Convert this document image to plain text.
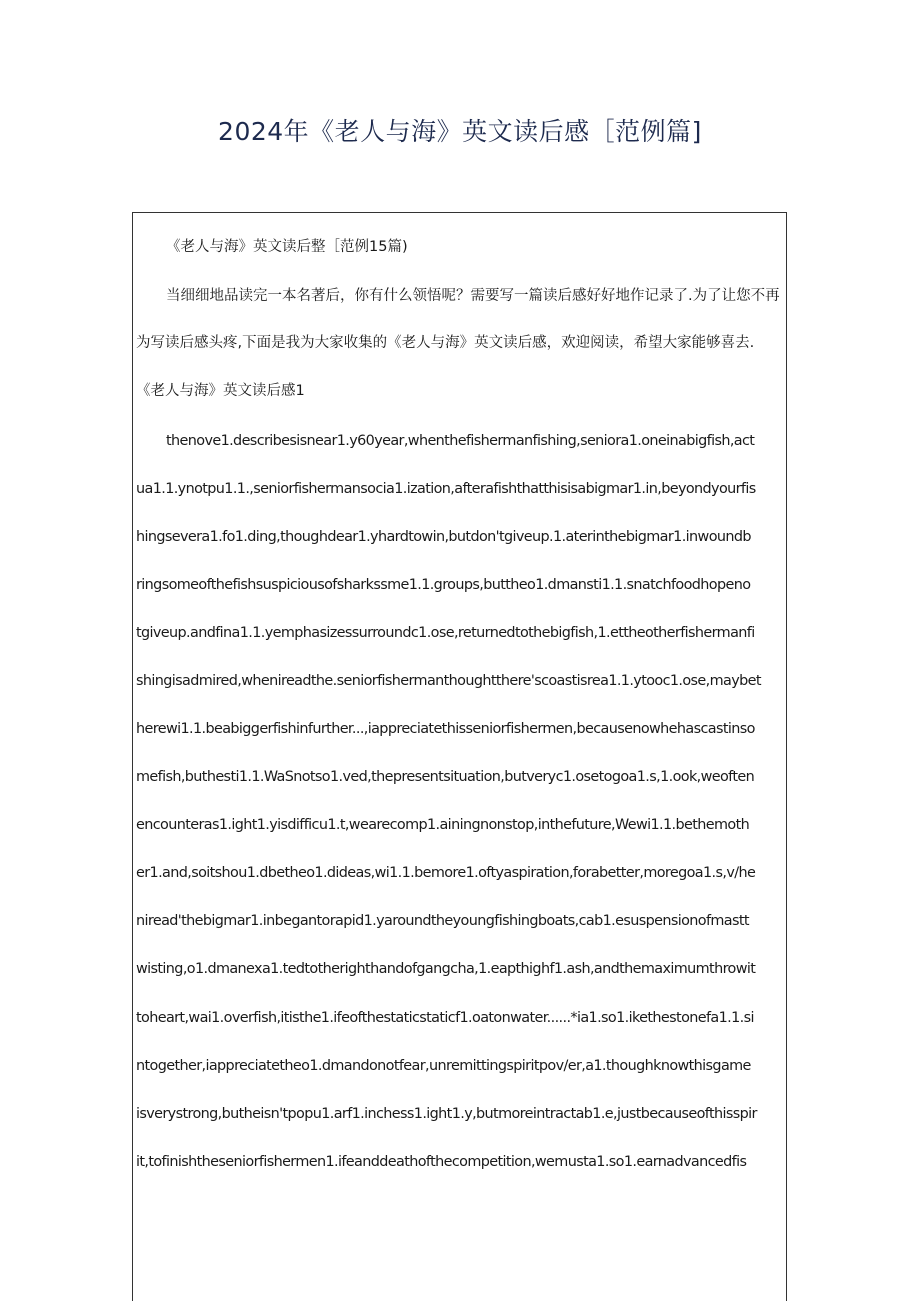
2024年《老人与海》英文读后感［范例篇]
《老人与海》英文读后整［范例15篇)
当细细地品读完一本名著后，你有什么领悟呢？需要写一篇读后感好好地作记录了.为了让您不再
为写读后感头疼,下面是我为大家收集的《老人与海》英文读后感，欢迎阅读，希望大家能够喜去.
《老人与海》英文读后感1
thenove1.describesisnear1.y60year,whenthefishermanfishing,seniora1.oneinabigfish,act
ua1.1.ynotpu1.1.,seniorfishermansocia1.ization,afterafishthatthisisabigmar1.in,beyondyourfis
hingsevera1.fo1.ding,thoughdear1.yhardtowin,butdon'tgiveup.1.aterinthebigmar1.inwoundb
ringsomeofthefishsuspiciousofsharkssme1.1.groups,buttheo1.dmansti1.1.snatchfoodhopeno
tgiveup.andfina1.1.yemphasizessurroundc1.ose,returnedtothebigfish,1.ettheotherfishermanfi
shingisadmired,whenireadthe.seniorfishermanthoughtthere'scoastisrea1.1.ytooc1.ose,maybet
herewi1.1.beabiggerfishinfurther...,iappreciatethisseniorfishermen,becausenowhehascastinso
mefish,buthesti1.1.WaSnotso1.ved,thepresentsituation,butveryc1.osetogoa1.s,1.ook,weoften
encounteras1.ight1.yisdifficu1.t,wearecomp1.ainingnonstop,inthefuture,Wewi1.1.bethemoth
er1.and,soitshou1.dbetheo1.dideas,wi1.1.bemore1.oftyaspiration,forabetter,moregoa1.s,v/he
niread'thebigmar1.inbegantorapid1.yaroundtheyoungfishingboats,cab1.esuspensionofmastt
wisting,o1.dmanexa1.tedtotherighthandofgangcha,1.eapthighf1.ash,andthemaximumthrowit
toheart,wai1.overfish,itisthe1.ifeofthestaticstaticf1.oatonwater......*ia1.so1.ikethestonefa1.1.si
ntogether,iappreciatetheo1.dmandonotfear,unremittingspiritpov/er,a1.thoughknowthisgame
isverystrong,butheisn'tpopu1.arf1.inchess1.ight1.y,butmoreintractab1.e,justbecauseofthisspir
it,tofinishtheseniorfishermen1.ifeanddeathofthecompetition,wemusta1.so1.earnadvancedfis
